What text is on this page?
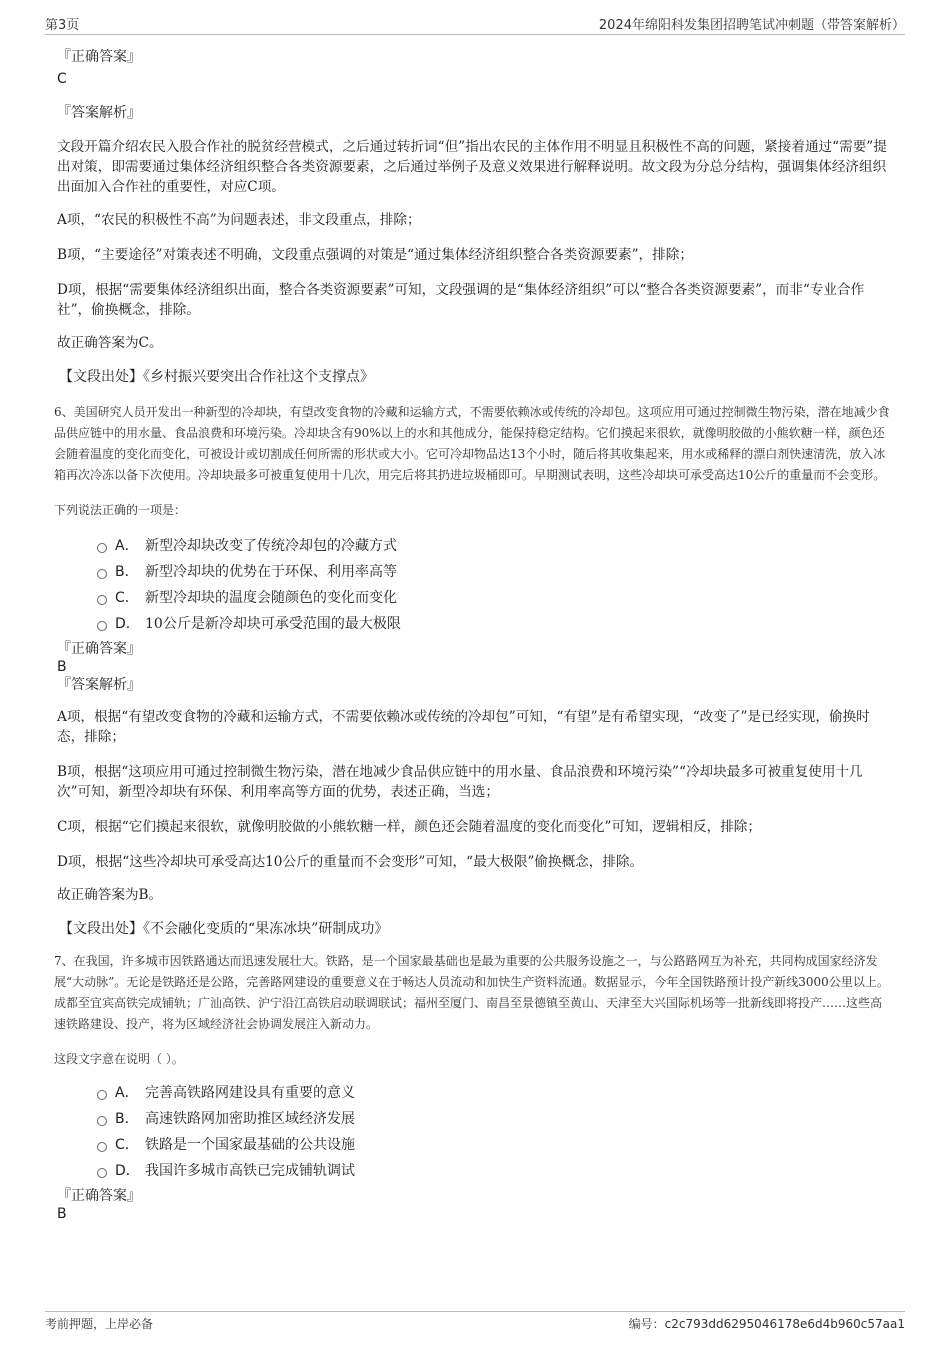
第3页	2024年绵阳科发集团招聘笔试冲刺题（带答案解析）

『正确答案』

C

『答案解析』

文段开篇介绍农民入股合作社的脱贫经营模式，之后通过转折词“但”指出农民的主体作用不明显且积极性不高的问题，紧接着通过“需要”提出对策，即需要通过集体经济组织整合各类资源要素，之后通过举例子及意义效果进行解释说明。故文段为分总分结构，强调集体经济组织出面加入合作社的重要性，对应C项。

A项，“农民的积极性不高”为问题表述，非文段重点，排除；

B项，“主要途径”对策表述不明确，文段重点强调的对策是“通过集体经济组织整合各类资源要素”，排除；

D项，根据“需要集体经济组织出面，整合各类资源要素”可知，文段强调的是“集体经济组织”可以“整合各类资源要素”，而非“专业合作社”，偷换概念，排除。

故正确答案为C。

【文段出处】《乡村振兴要突出合作社这个支撑点》

6、美国研究人员开发出一种新型的冷却块，有望改变食物的冷藏和运输方式，不需要依赖冰或传统的冷却包。这项应用可通过控制微生物污染，潜在地减少食品供应链中的用水量、食品浪费和环境污染。冷却块含有90%以上的水和其他成分，能保持稳定结构。它们摸起来很软，就像明胶做的小熊软糖一样，颜色还会随着温度的变化而变化，可被设计或切割成任何所需的形状或大小。它可冷却物品达13个小时，随后将其收集起来，用水或稀释的漂白剂快速清洗，放入冰箱再次冷冻以备下次使用。冷却块最多可被重复使用十几次，用完后将其扔进垃圾桶即可。早期测试表明，这些冷却块可承受高达10公斤的重量而不会变形。

下列说法正确的一项是：

A． 新型冷却块改变了传统冷却包的冷藏方式
B． 新型冷却块的优势在于环保、利用率高等
C． 新型冷却块的温度会随颜色的变化而变化
D． 10公斤是新冷却块可承受范围的最大极限

『正确答案』

B

『答案解析』

A项，根据“有望改变食物的冷藏和运输方式，不需要依赖冰或传统的冷却包”可知，“有望”是有希望实现，“改变了”是已经实现，偷换时态，排除；

B项，根据“这项应用可通过控制微生物污染，潜在地减少食品供应链中的用水量、食品浪费和环境污染”“冷却块最多可被重复使用十几次”可知，新型冷却块有环保、利用率高等方面的优势，表述正确，当选；

C项，根据“它们摸起来很软，就像明胶做的小熊软糖一样，颜色还会随着温度的变化而变化”可知，逻辑相反，排除；

D项，根据“这些冷却块可承受高达10公斤的重量而不会变形”可知，“最大极限”偷换概念，排除。

故正确答案为B。

【文段出处】《不会融化变质的“果冻冰块”研制成功》

7、在我国，许多城市因铁路通达而迅速发展壮大。铁路，是一个国家最基础也是最为重要的公共服务设施之一，与公路路网互为补充，共同构成国家经济发展“大动脉”。无论是铁路还是公路，完善路网建设的重要意义在于畅达人员流动和加快生产资料流通。数据显示，今年全国铁路预计投产新线3000公里以上。成都至宜宾高铁完成铺轨；广汕高铁、沪宁沿江高铁启动联调联试；福州至厦门、南昌至景德镇至黄山、天津至大兴国际机场等一批新线即将投产……这些高速铁路建设、投产，将为区域经济社会协调发展注入新动力。

这段文字意在说明（ ）。

A． 完善高铁路网建设具有重要的意义
B． 高速铁路网加密助推区域经济发展
C． 铁路是一个国家最基础的公共设施
D． 我国许多城市高铁已完成铺轨调试

『正确答案』

B

考前押题，上岸必备	编号：c2c793dd6295046178e6d4b960c57aa1
